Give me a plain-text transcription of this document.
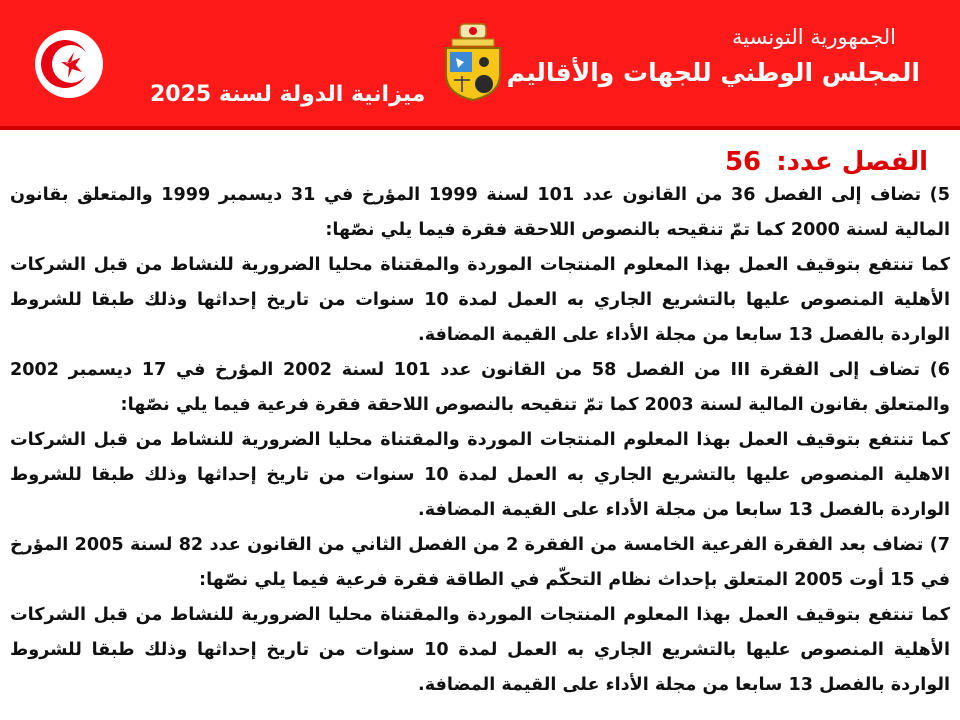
الجمهورية التونسية
المجلس الوطني للجهات والأقاليم
ميزانية الدولة لسنة 2025
الفصل عدد: 56

5) تضاف إلى الفصل 36 من القانون عدد 101 لسنة 1999 المؤرخ في 31 ديسمبر 1999 والمتعلق بقانون المالية لسنة 2000 كما تمّ تنقيحه بالنصوص اللاحقة فقرة فيما يلي نصّها:

كما تنتفع بتوقيف العمل بهذا المعلوم المنتجات الموردة والمقتناة محليا الضرورية للنشاط من قبل الشركات الأهلية المنصوص عليها بالتشريع الجاري به العمل لمدة 10 سنوات من تاريخ إحداثها وذلك طبقا للشروط الواردة بالفصل 13 سابعا من مجلة الأداء على القيمة المضافة.

6) تضاف إلى الفقرة III من الفصل 58 من القانون عدد 101 لسنة 2002 المؤرخ في 17 ديسمبر 2002 والمتعلق بقانون المالية لسنة 2003 كما تمّ تنقيحه بالنصوص اللاحقة فقرة فرعية فيما يلي نصّها:

كما تنتفع بتوقيف العمل بهذا المعلوم المنتجات الموردة والمقتناة محليا الضرورية للنشاط من قبل الشركات الاهلية المنصوص عليها بالتشريع الجاري به العمل لمدة 10 سنوات من تاريخ إحداثها وذلك طبقا للشروط الواردة بالفصل 13 سابعا من مجلة الأداء على القيمة المضافة.

7) تضاف بعد الفقرة الفرعية الخامسة من الفقرة 2 من الفصل الثاني من القانون عدد 82 لسنة 2005 المؤرخ في 15 أوت 2005 المتعلق بإحداث نظام التحكّم في الطاقة فقرة فرعية فيما يلي نصّها:

كما تنتفع بتوقيف العمل بهذا المعلوم المنتجات الموردة والمقتناة محليا الضرورية للنشاط من قبل الشركات الأهلية المنصوص عليها بالتشريع الجاري به العمل لمدة 10 سنوات من تاريخ إحداثها وذلك طبقا للشروط الواردة بالفصل 13 سابعا من مجلة الأداء على القيمة المضافة.
